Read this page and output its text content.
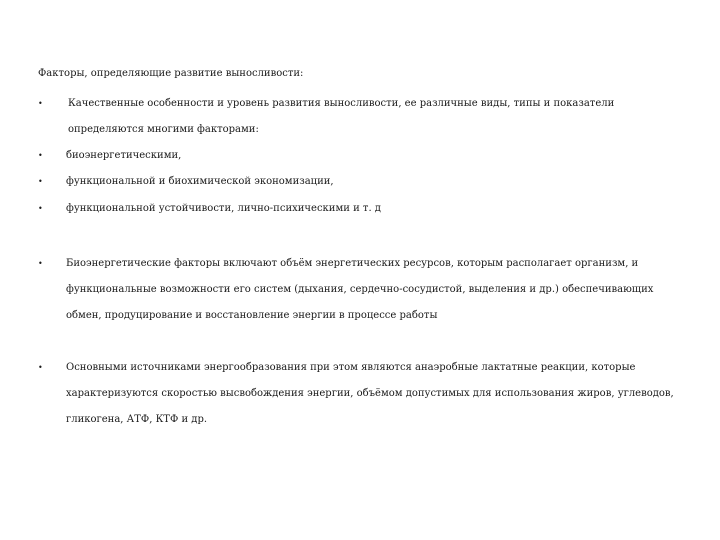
Факторы, определяющие развитие выносливости:
•	Качественные особенности и уровень развития выносливости, ее различные виды, типы и показатели определяются многими факторами:
• биоэнергетическими,
• функциональной и биохимической экономизации,
• функциональной устойчивости, лично-психическими и т. д
• Биоэнергетические факторы включают объём энергетических ресурсов, которым располагает организм, и функциональные возможности его систем (дыхания, сердечно-сосудистой, выделения и др.) обеспечивающих обмен, продуцирование и восстановление энергии в процессе работы
• Основными источниками энергообразования при этом являются анаэробные лактатные реакции, которые характеризуются скоростью высвобождения энергии, объёмом допустимых для использования жиров, углеводов, гликогена, АТФ, КТФ и др.
